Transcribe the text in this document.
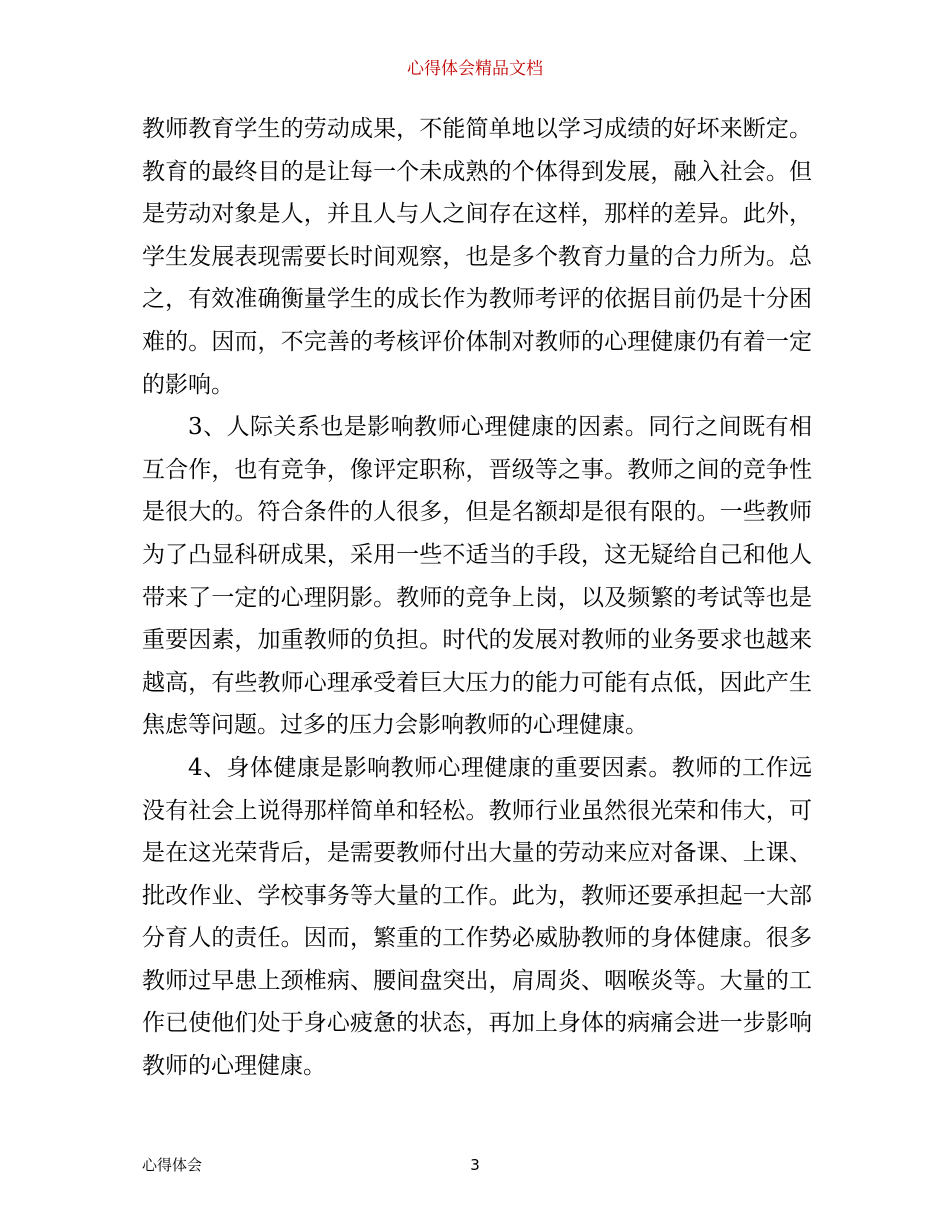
心得体会精品文档

教师教育学生的劳动成果，不能简单地以学习成绩的好坏来断定。教育的最终目的是让每一个未成熟的个体得到发展，融入社会。但是劳动对象是人，并且人与人之间存在这样，那样的差异。此外，学生发展表现需要长时间观察，也是多个教育力量的合力所为。总之，有效准确衡量学生的成长作为教师考评的依据目前仍是十分困难的。因而，不完善的考核评价体制对教师的心理健康仍有着一定的影响。

3、人际关系也是影响教师心理健康的因素。同行之间既有相互合作，也有竞争，像评定职称，晋级等之事。教师之间的竞争性是很大的。符合条件的人很多，但是名额却是很有限的。一些教师为了凸显科研成果，采用一些不适当的手段，这无疑给自己和他人带来了一定的心理阴影。教师的竞争上岗，以及频繁的考试等也是重要因素，加重教师的负担。时代的发展对教师的业务要求也越来越高，有些教师心理承受着巨大压力的能力可能有点低，因此产生焦虑等问题。过多的压力会影响教师的心理健康。

4、身体健康是影响教师心理健康的重要因素。教师的工作远没有社会上说得那样简单和轻松。教师行业虽然很光荣和伟大，可是在这光荣背后，是需要教师付出大量的劳动来应对备课、上课、批改作业、学校事务等大量的工作。此为，教师还要承担起一大部分育人的责任。因而，繁重的工作势必威胁教师的身体健康。很多教师过早患上颈椎病、腰间盘突出，肩周炎、咽喉炎等。大量的工作已使他们处于身心疲惫的状态，再加上身体的病痛会进一步影响教师的心理健康。

心得体会	3
